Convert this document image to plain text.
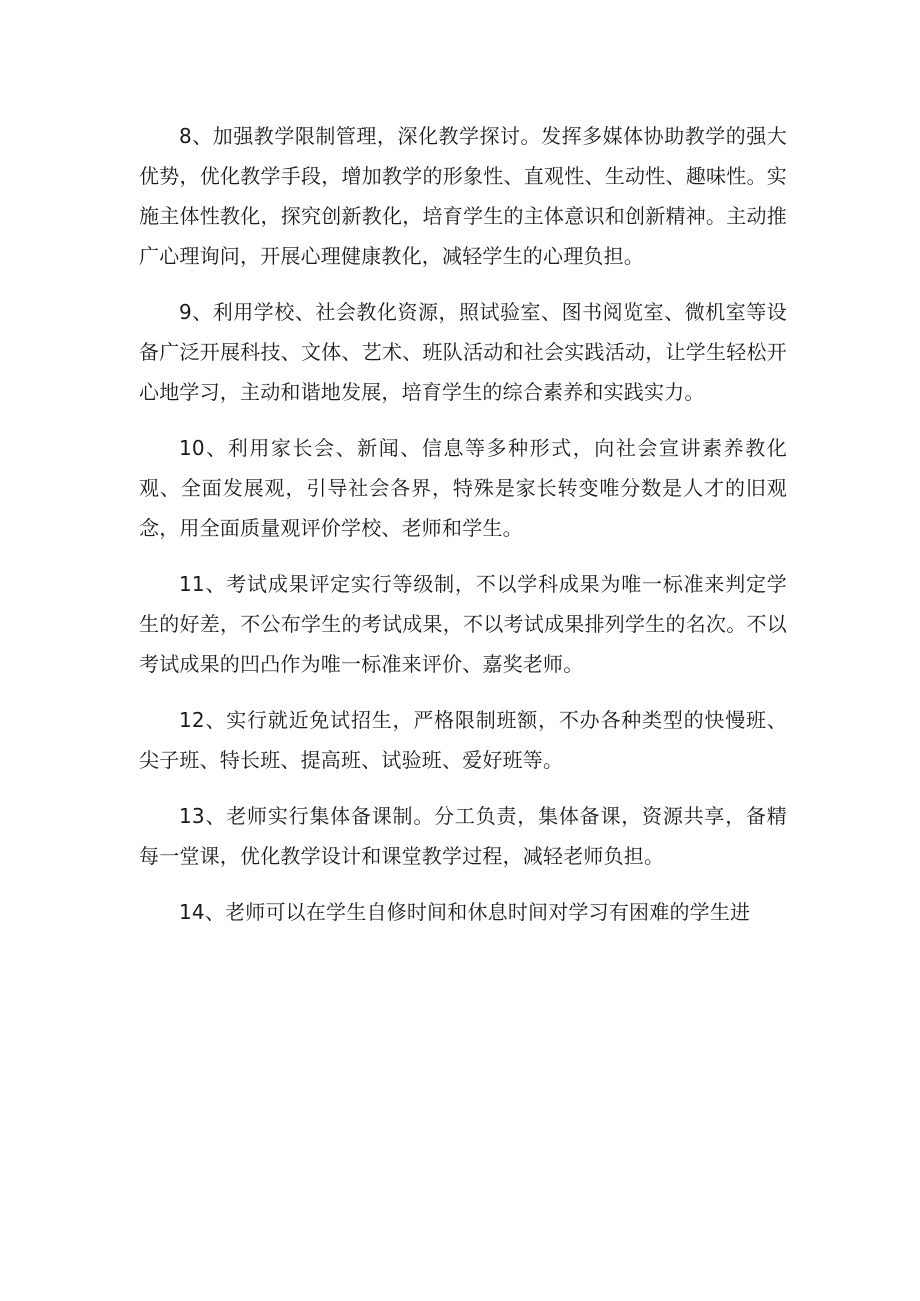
8、加强教学限制管理，深化教学探讨。发挥多媒体协助教学的强大优势，优化教学手段，增加教学的形象性、直观性、生动性、趣味性。实施主体性教化，探究创新教化，培育学生的主体意识和创新精神。主动推广心理询问，开展心理健康教化，减轻学生的心理负担。

9、利用学校、社会教化资源，照试验室、图书阅览室、微机室等设备广泛开展科技、文体、艺术、班队活动和社会实践活动，让学生轻松开心地学习，主动和谐地发展，培育学生的综合素养和实践实力。

10、利用家长会、新闻、信息等多种形式，向社会宣讲素养教化观、全面发展观，引导社会各界，特殊是家长转变唯分数是人才的旧观念，用全面质量观评价学校、老师和学生。

11、考试成果评定实行等级制，不以学科成果为唯一标准来判定学生的好差，不公布学生的考试成果，不以考试成果排列学生的名次。不以考试成果的凹凸作为唯一标准来评价、嘉奖老师。

12、实行就近免试招生，严格限制班额，不办各种类型的快慢班、尖子班、特长班、提高班、试验班、爱好班等。

13、老师实行集体备课制。分工负责，集体备课，资源共享，备精每一堂课，优化教学设计和课堂教学过程，减轻老师负担。

14、老师可以在学生自修时间和休息时间对学习有困难的学生进
